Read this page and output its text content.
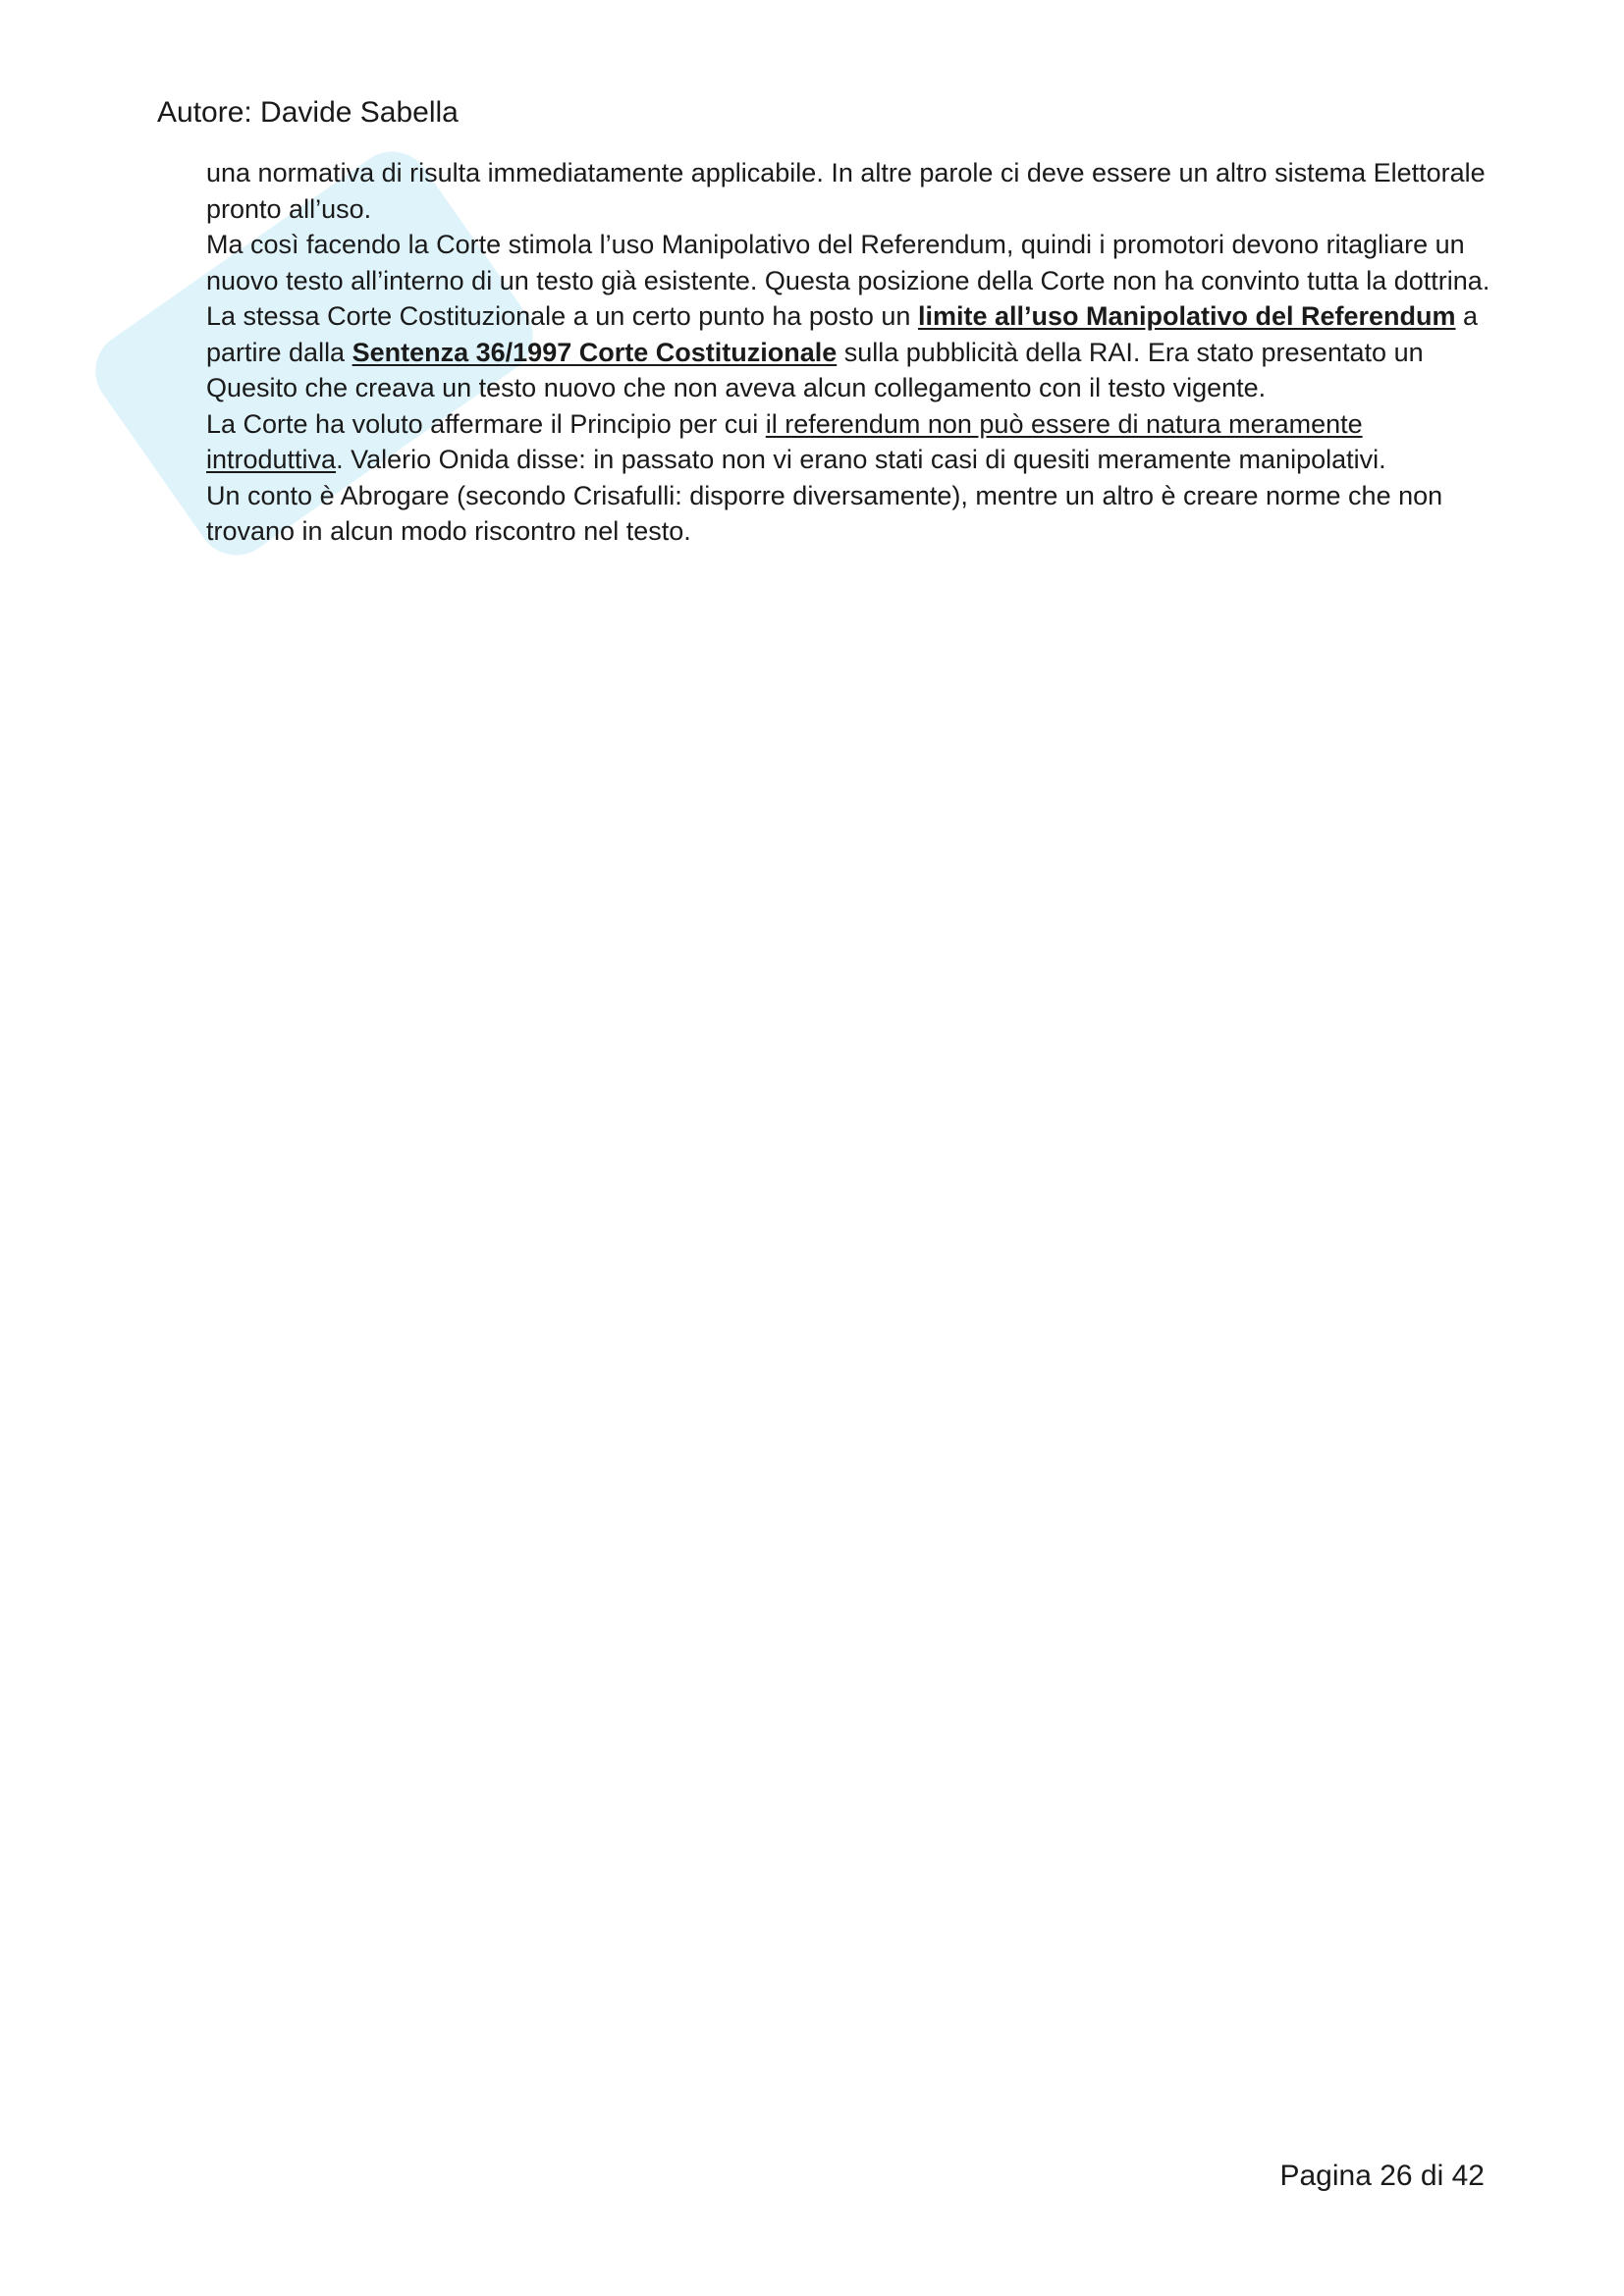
Autore: Davide Sabella

una normativa di risulta immediatamente applicabile. In altre parole ci deve essere un altro sistema Elettorale pronto all’uso.

Ma così facendo la Corte stimola l’uso Manipolativo del Referendum, quindi i promotori devono ritagliare un nuovo testo all’interno di un testo già esistente. Questa posizione della Corte non ha convinto tutta la dottrina.

La stessa Corte Costituzionale a un certo punto ha posto un limite all’uso Manipolativo del Referendum a partire dalla Sentenza 36/1997 Corte Costituzionale sulla pubblicità della RAI. Era stato presentato un Quesito che creava un testo nuovo che non aveva alcun collegamento con il testo vigente.

La Corte ha voluto affermare il Principio per cui il referendum non può essere di natura meramente introduttiva. Valerio Onida disse: in passato non vi erano stati casi di quesiti meramente manipolativi.

Un conto è Abrogare (secondo Crisafulli: disporre diversamente), mentre un altro è creare norme che non trovano in alcun modo riscontro nel testo.

Pagina 26 di 42
